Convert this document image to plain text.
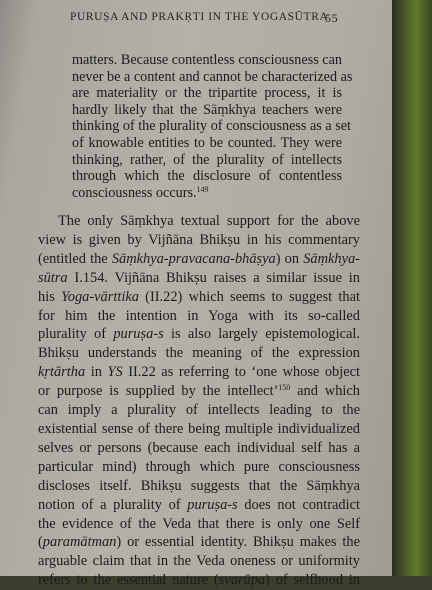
PURUṢA AND PRAKṚTI IN THE YOGASŪTRA
55
matters. Because contentless consciousness can
never be a content and cannot be characterized as
are materiality or the tripartite process, it is
hardly likely that the Sāṃkhya teachers were
thinking of the plurality of consciousness as a set
of knowable entities to be counted. They were
thinking, rather, of the plurality of intellects
through which the disclosure of contentless
consciousness occurs.$^{149}$
The only Sāṃkhya textual support for the above
view is given by Vijñāna Bhikṣu in his commentary
(entitled the Sāṃkhya-pravacana-bhāṣya) on Sāṃkhya-
sūtra I.154. Vijñāna Bhikṣu raises a similar issue in
his Yoga-vārttika (II.22) which seems to suggest that
for him the intention in Yoga with its so-called
plurality of puruṣa-s is also largely epistemological.
Bhikṣu understands the meaning of the expression
kṛtārtha in YS II.22 as referring to ‘one whose object
or purpose is supplied by the intellect’$^{150}$ and which
can imply a plurality of intellects leading to the
existential sense of there being multiple individualized
selves or persons (because each individual self has a
particular mind) through which pure consciousness
discloses itself. Bhikṣu suggests that the Sāṃkhya
notion of a plurality of puruṣa-s does not contradict
the evidence of the Veda that there is only one Self
(paramātman) or essential identity. Bhikṣu makes the
arguable claim that in the Veda oneness or uniformity
refers to the essential nature (svarūpa) of selfhood in
